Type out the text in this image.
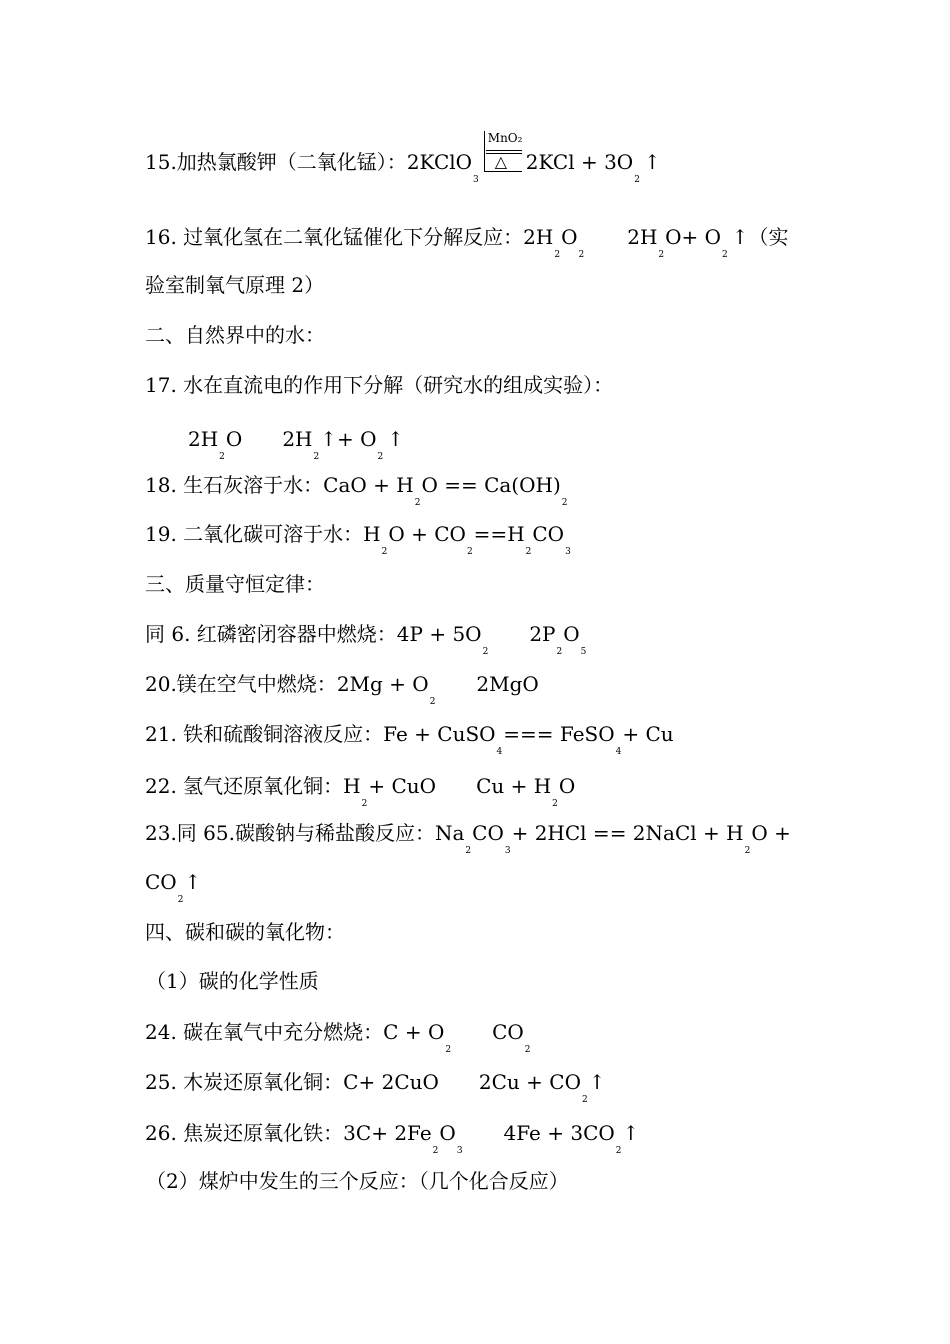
15.加热氯酸钾（二氧化锰）：2KClO$_3$
MnO₂
△ $2KCl + 3O_2↑$
16. 过氧化氢在二氧化锰催化下分解反应：$2H_2O_22H_2O+$ $O_2↑$（实
验室制氧气原理 2）
二、自然界中的水：
17. 水在直流电的作用下分解（研究水的组成实验）：
$2H_2O$ $2H_2↑+$ $O_2↑$
18. 生石灰溶于水：CaO + $H_2O == Ca(OH)_2$
19. 二氧化碳可溶于水：$H_2O + CO_2==H_2CO_3$
三、质量守恒定律：
同 6. 红磷密闭容器中燃烧：$4P + 5O_22P_2O_5$
20.镁在空气中燃烧：$2Mg + O_22MgO$
21. 铁和硫酸铜溶液反应：Fe + CuSO$_4$=== FeSO$_4$+ Cu
22. 氢气还原氧化铜：$H_2+$ CuO $Cu + H_2O$
23.同 65.碳酸钠与稀盐酸反应：$Na_2CO_3+ 2HCl$ == 2NaCl + $H_2O$ +
$CO_2↑$
四、碳和碳的氧化物：
（1）碳的化学性质
24. 碳在氧气中充分燃烧：$C + O_2CO_2$
25. 木炭还原氧化铜：C+ 2CuO $2Cu + CO_2↑$
26. 焦炭还原氧化铁：$3C+ 2Fe_2O_34Fe$ + $3CO_2↑$
（2）煤炉中发生的三个反应：（几个化合反应）
